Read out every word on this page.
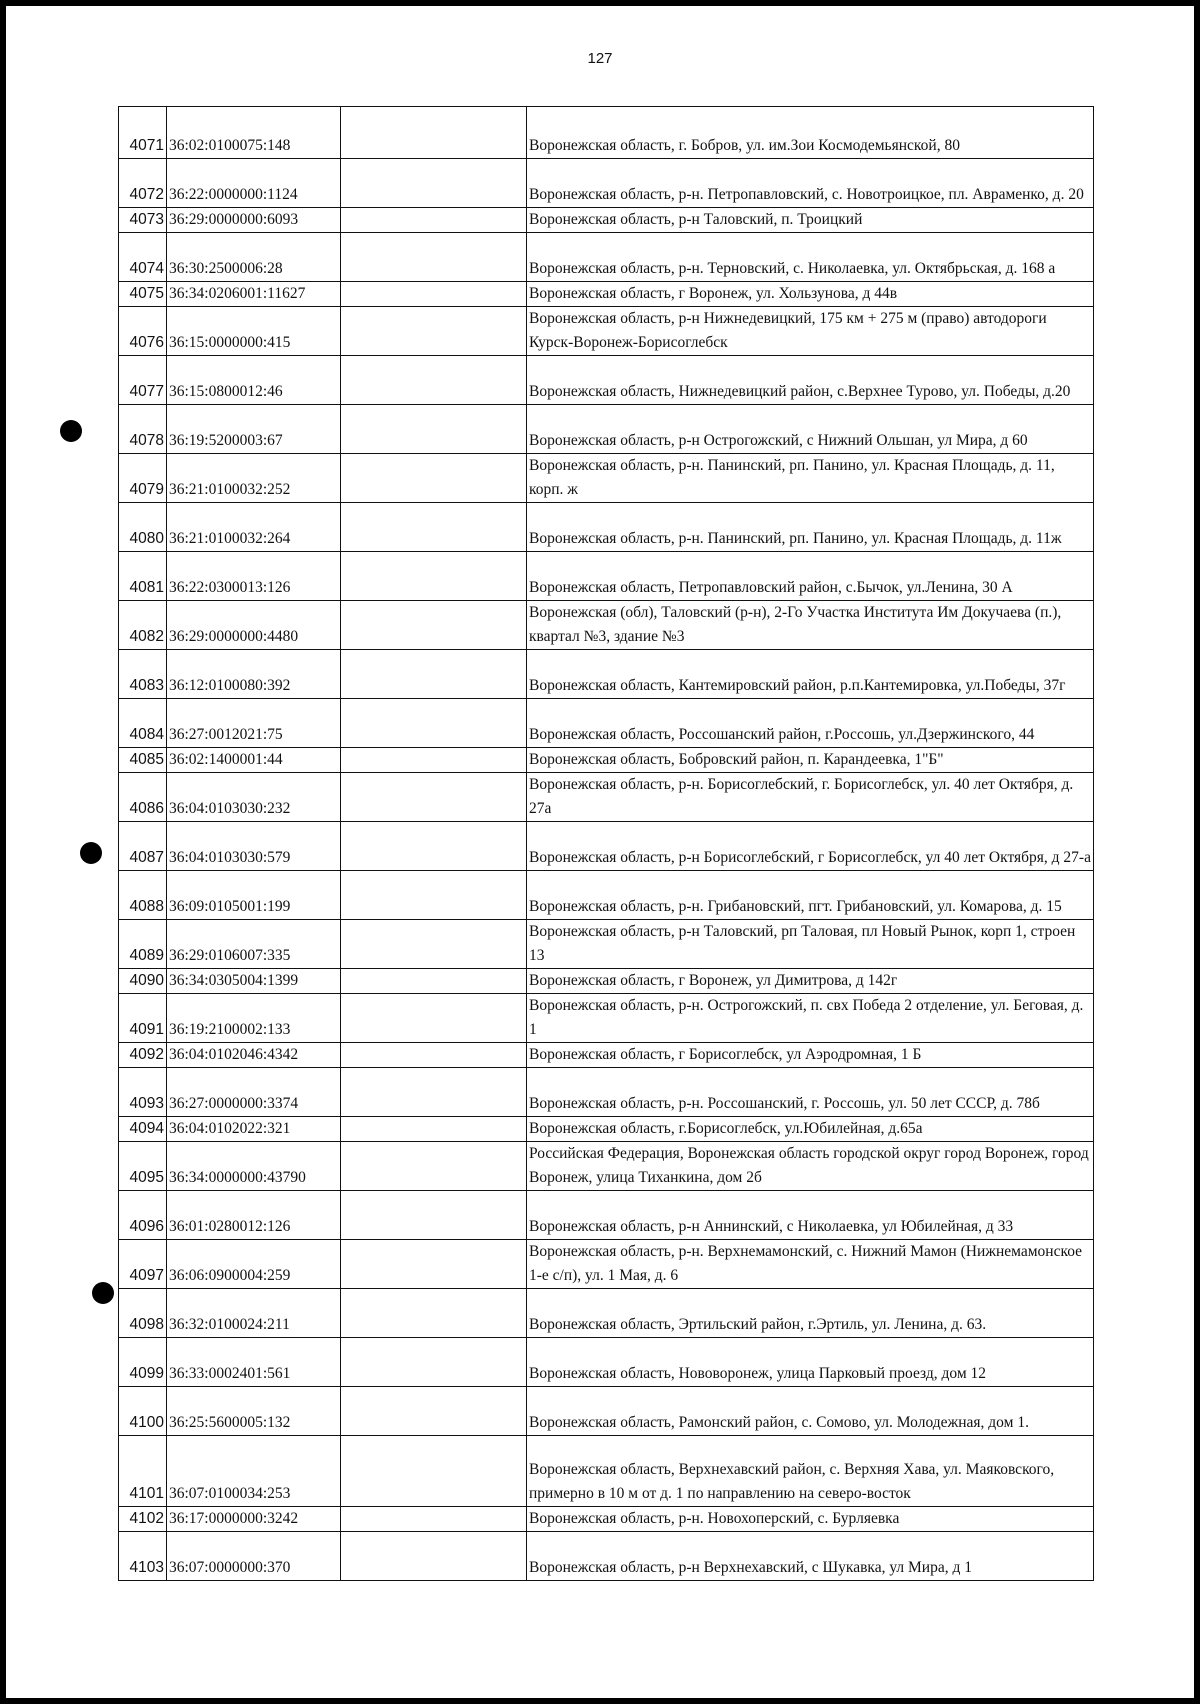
127
4071	36:02:0100075:148		Воронежская область, г. Бобров, ул. им.Зои Космодемьянской, 80
4072	36:22:0000000:1124		Воронежская область, р-н. Петропавловский, с. Новотроицкое, пл. Авраменко, д. 20
4073	36:29:0000000:6093		Воронежская область, р-н Таловский, п. Троицкий
4074	36:30:2500006:28		Воронежская область, р-н. Терновский, с. Николаевка, ул. Октябрьская, д. 168 а
4075	36:34:0206001:11627		Воронежская область, г Воронеж, ул. Хользунова, д 44в
4076	36:15:0000000:415		Воронежская область, р-н Нижнедевицкий, 175 км + 275 м (право) автодороги Курск-Воронеж-Борисоглебск
4077	36:15:0800012:46		Воронежская область, Нижнедевицкий район, с.Верхнее Турово, ул. Победы, д.20
4078	36:19:5200003:67		Воронежская область, р-н Острогожский, с Нижний Ольшан, ул Мира, д 60
4079	36:21:0100032:252		Воронежская область, р-н. Панинский, рп. Панино, ул. Красная Площадь, д. 11, корп. ж
4080	36:21:0100032:264		Воронежская область, р-н. Панинский, рп. Панино, ул. Красная Площадь, д. 11ж
4081	36:22:0300013:126		Воронежская область, Петропавловский район, с.Бычок, ул.Ленина, 30 А
4082	36:29:0000000:4480		Воронежская (обл), Таловский (р-н), 2-Го Участка Института Им Докучаева (п.), квартал №3, здание №3
4083	36:12:0100080:392		Воронежская область, Кантемировский район, р.п.Кантемировка, ул.Победы, 37г
4084	36:27:0012021:75		Воронежская область, Россошанский район, г.Россошь, ул.Дзержинского, 44
4085	36:02:1400001:44		Воронежская область, Бобровский район, п. Карандеевка, 1"Б"
4086	36:04:0103030:232		Воронежская область, р-н. Борисоглебский, г. Борисоглебск, ул. 40 лет Октября, д. 27а
4087	36:04:0103030:579		Воронежская область, р-н Борисоглебский, г Борисоглебск, ул 40 лет Октября, д 27-а
4088	36:09:0105001:199		Воронежская область, р-н. Грибановский, пгт. Грибановский, ул. Комарова, д. 15
4089	36:29:0106007:335		Воронежская область, р-н Таловский, рп Таловая, пл Новый Рынок, корп 1, строен 13
4090	36:34:0305004:1399		Воронежская область, г Воронеж, ул Димитрова, д 142г
4091	36:19:2100002:133		Воронежская область, р-н. Острогожский, п. свх Победа 2 отделение, ул. Беговая, д. 1
4092	36:04:0102046:4342		Воронежская область, г Борисоглебск, ул Аэродромная, 1 Б
4093	36:27:0000000:3374		Воронежская область, р-н. Россошанский, г. Россошь, ул. 50 лет СССР, д. 78б
4094	36:04:0102022:321		Воронежская область, г.Борисоглебск, ул.Юбилейная, д.65а
4095	36:34:0000000:43790		Российская Федерация, Воронежская область городской округ город Воронеж, город Воронеж, улица Тиханкина, дом 2б
4096	36:01:0280012:126		Воронежская область, р-н Аннинский, с Николаевка, ул Юбилейная, д 33
4097	36:06:0900004:259		Воронежская область, р-н. Верхнемамонский, с. Нижний Мамон (Нижнемамонское 1-е с/п), ул. 1 Мая, д. 6
4098	36:32:0100024:211		Воронежская область, Эртильский район, г.Эртиль, ул. Ленина, д. 63.
4099	36:33:0002401:561		Воронежская область, Нововоронеж, улица Парковый проезд, дом 12
4100	36:25:5600005:132		Воронежская область, Рамонский район, с. Сомово, ул. Молодежная, дом 1.
4101	36:07:0100034:253		Воронежская область, Верхнехавский район, с. Верхняя Хава, ул. Маяковского, примерно в 10 м от д. 1 по направлению на северо-восток
4102	36:17:0000000:3242		Воронежская область, р-н. Новохоперский, с. Бурляевка
4103	36:07:0000000:370		Воронежская область, р-н Верхнехавский, с Шукавка, ул Мира, д 1
